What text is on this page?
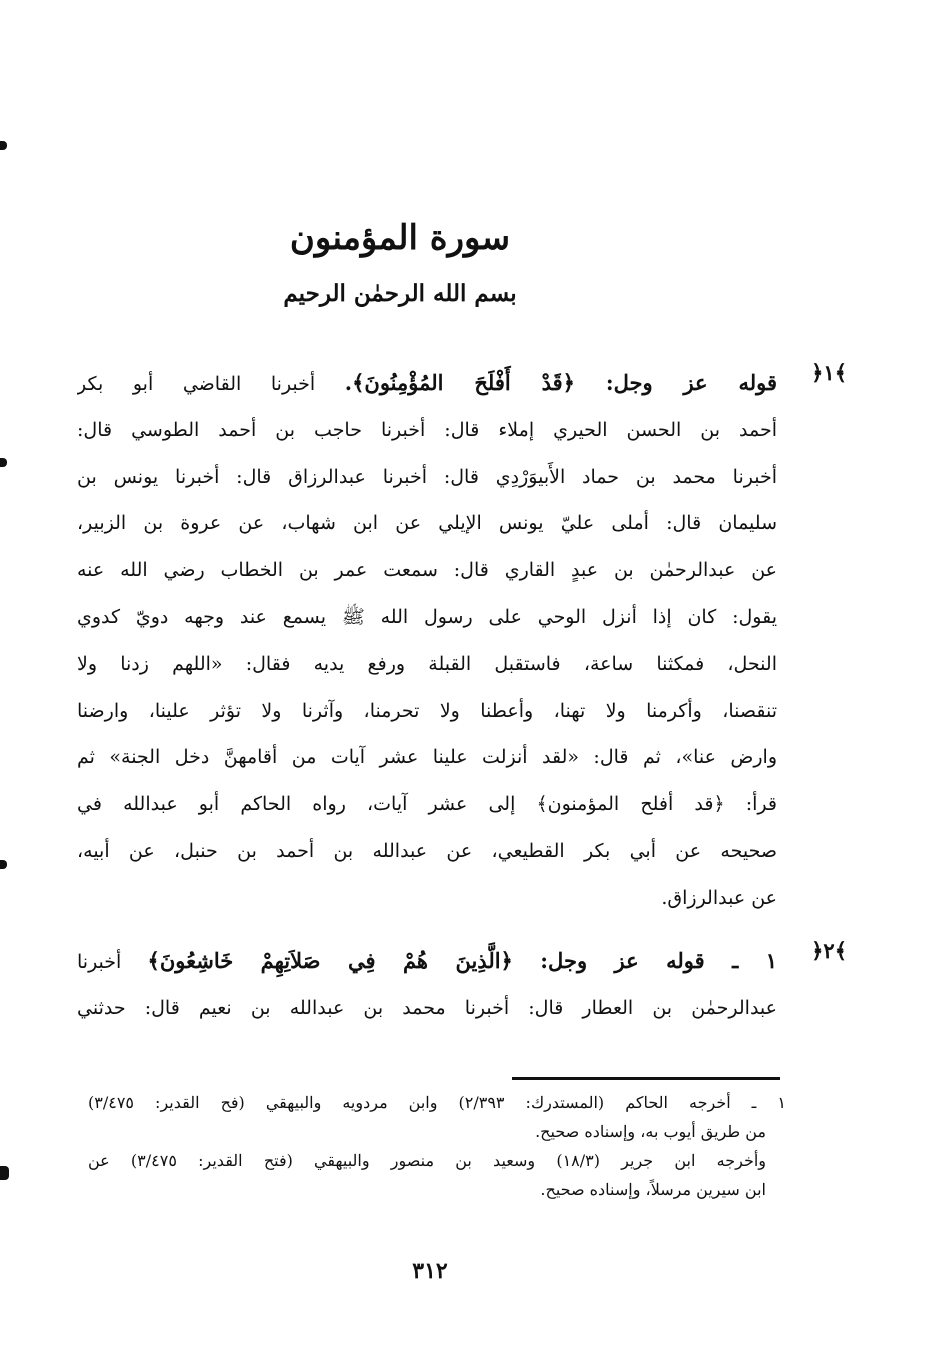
سورة المؤمنون
بسم الله الرحمٰن الرحيم
﴿١﴾
قوله عز وجل: ﴿قَدْ أَفْلَحَ المُؤْمِنُونَ﴾. أخبرنا القاضي أبو بكر
أحمد بن الحسن الحيري إملاء قال: أخبرنا حاجب بن أحمد الطوسي قال:
أخبرنا محمد بن حماد الأَبيوَرْدِي قال: أخبرنا عبدالرزاق قال: أخبرنا يونس بن
سليمان قال: أملى عليّ يونس الإيلي عن ابن شهاب، عن عروة بن الزبير،
عن عبدالرحمٰن بن عبدٍ القاري قال: سمعت عمر بن الخطاب رضي الله عنه
يقول: كان إذا أنزل الوحي على رسول الله ﷺ يسمع عند وجهه دويّ كدوي
النحل، فمكثنا ساعة، فاستقبل القبلة ورفع يديه فقال: «اللهم زدنا ولا
تنقصنا، وأكرمنا ولا تهنا، وأعطنا ولا تحرمنا، وآثرنا ولا تؤثر علينا، وارضنا
وارض عنا»، ثم قال: «لقد أنزلت علينا عشر آيات من أقامهنَّ دخل الجنة» ثم
قرأ: ﴿قد أفلح المؤمنون﴾ إلى عشر آيات، رواه الحاكم أبو عبدالله في
صحيحه عن أبي بكر القطيعي، عن عبدالله بن أحمد بن حنبل، عن أبيه،
عن عبدالرزاق.
﴿٢﴾
١ ـ قوله عز وجل: ﴿الَّذِينَ هُمْ فِي صَلاَتِهِمْ خَاشِعُونَ﴾ أخبرنا
عبدالرحمٰن بن العطار قال: أخبرنا محمد بن عبدالله بن نعيم قال: حدثني
١ ـ أخرجه الحاكم (المستدرك: ٢/٣٩٣) وابن مردويه والبيهقي (فح القدير: ٣/٤٧٥)
من طريق أيوب به، وإسناده صحيح.
وأخرجه ابن جرير (١٨/٣) وسعيد بن منصور والبيهقي (فتح القدير: ٣/٤٧٥) عن
ابن سيرين مرسلاً، وإسناده صحيح.
٣١٢
